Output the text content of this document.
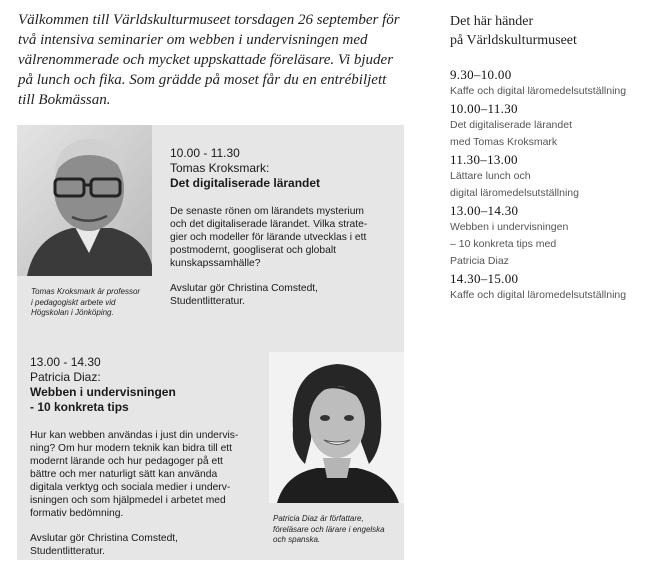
Välkommen till Världskulturmuseet torsdagen 26 september för
två intensiva seminarier om webben i undervisningen med
välrenommerade och mycket uppskattade föreläsare. Vi bjuder
på lunch och fika. Som grädde på moset får du en entrébiljett
till Bokmässan.
Tomas Kroksmark är professor
i pedagogiskt arbete vid
Högskolan i Jönköping.
10.00 - 11.30
Tomas Kroksmark:
Det digitaliserade lärandet

De senaste rönen om lärandets mysterium
och det digitaliserade lärandet. Vilka strate-
gier och modeller för lärande utvecklas i ett
postmodernt, googliserat och globalt
kunskapssamhälle?

Avslutar gör Christina Comstedt,
Studentlitteratur.

13.00 - 14.30
Patricia Diaz:
Webben i undervisningen
- 10 konkreta tips

Hur kan webben användas i just din undervis-
ning? Om hur modern teknik kan bidra till ett
modernt lärande och hur pedagoger på ett
bättre och mer naturligt sätt kan använda
digitala verktyg och sociala medier i underv-
isningen och som hjälpmedel i arbetet med
formativ bedömning.

Avslutar gör Christina Comstedt,
Studentlitteratur.

Patricia Diaz är författare,
föreläsare och lärare i engelska
och spanska.
Det här händer
på Världskulturmuseet
9.30–10.00
Kaffe och digital läromedelsutställning
10.00–11.30
Det digitaliserade lärandet
med Tomas Kroksmark
11.30–13.00
Lättare lunch och
digital läromedelsutställning
13.00–14.30
Webben i undervisningen
– 10 konkreta tips med
Patricia Diaz
14.30–15.00
Kaffe och digital läromedelsutställning
